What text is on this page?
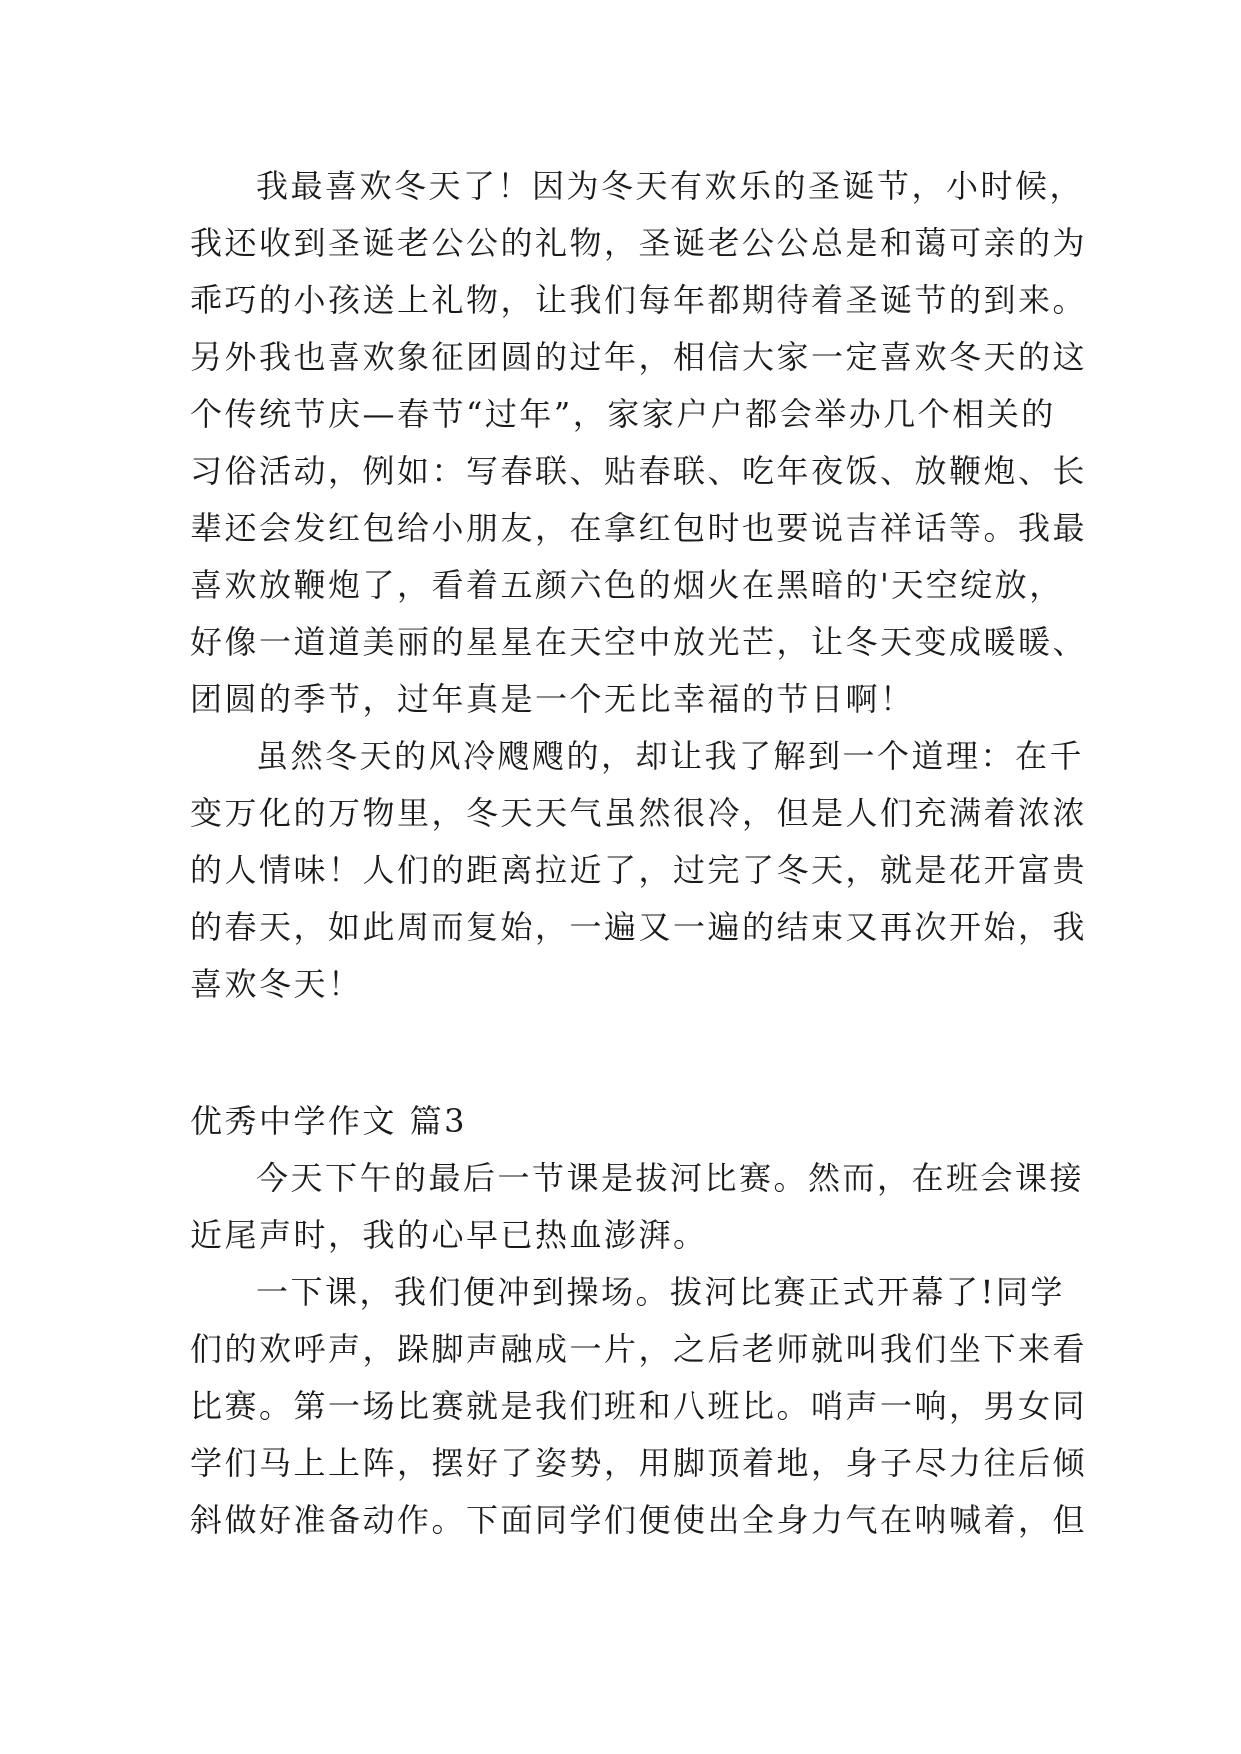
我最喜欢冬天了！因为冬天有欢乐的圣诞节，小时候，
我还收到圣诞老公公的礼物，圣诞老公公总是和蔼可亲的为
乖巧的小孩送上礼物，让我们每年都期待着圣诞节的到来。
另外我也喜欢象征团圆的过年，相信大家一定喜欢冬天的这
个传统节庆—春节“过年”，家家户户都会举办几个相关的
习俗活动，例如：写春联、贴春联、吃年夜饭、放鞭炮、长
辈还会发红包给小朋友，在拿红包时也要说吉祥话等。我最
喜欢放鞭炮了，看着五颜六色的烟火在黑暗的'天空绽放，
好像一道道美丽的星星在天空中放光芒，让冬天变成暖暖、
团圆的季节，过年真是一个无比幸福的节日啊！
虽然冬天的风冷飕飕的，却让我了解到一个道理：在千
变万化的万物里，冬天天气虽然很冷，但是人们充满着浓浓
的人情味！人们的距离拉近了，过完了冬天，就是花开富贵
的春天，如此周而复始，一遍又一遍的结束又再次开始，我
喜欢冬天！
优秀中学作文 篇3
今天下午的最后一节课是拔河比赛。然而，在班会课接
近尾声时，我的心早已热血澎湃。
一下课，我们便冲到操场。拔河比赛正式开幕了!同学
们的欢呼声，跺脚声融成一片，之后老师就叫我们坐下来看
比赛。第一场比赛就是我们班和八班比。哨声一响，男女同
学们马上上阵，摆好了姿势，用脚顶着地，身子尽力往后倾
斜做好准备动作。下面同学们便使出全身力气在呐喊着，但
